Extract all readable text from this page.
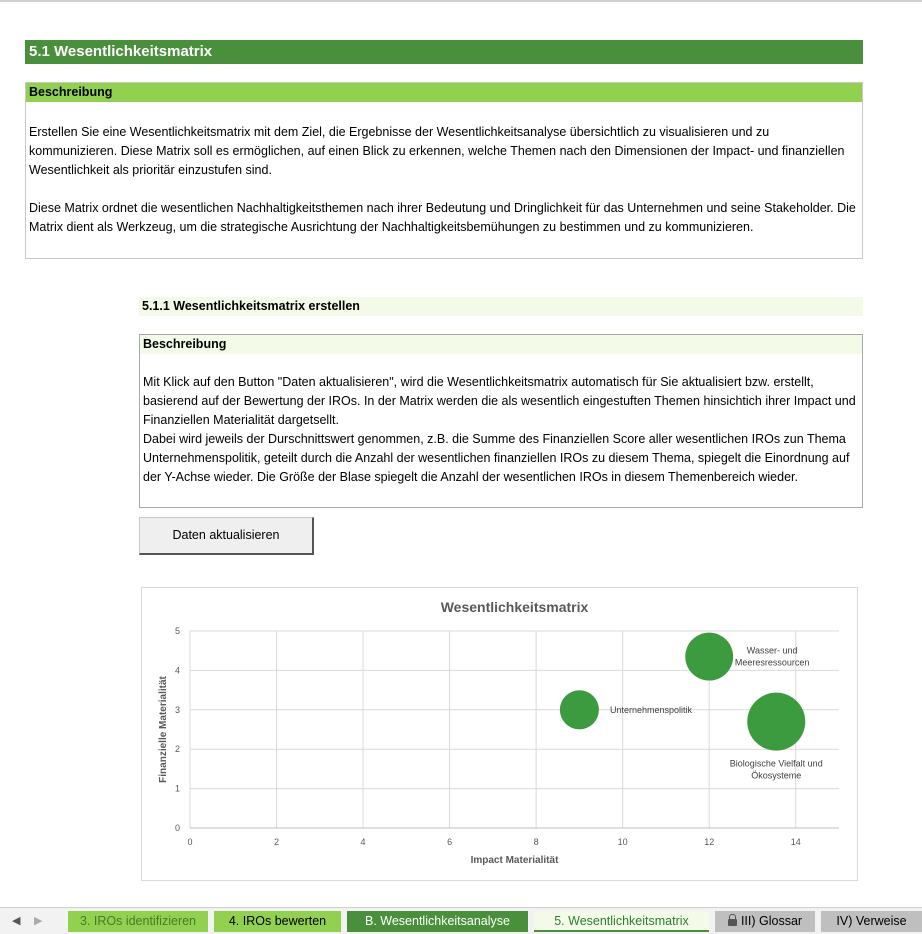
5.1 Wesentlichkeitsmatrix
Beschreibung
Erstellen Sie eine Wesentlichkeitsmatrix mit dem Ziel, die Ergebnisse der Wesentlichkeitsanalyse übersichtlich zu visualisieren und zu kommunizieren. Diese Matrix soll es ermöglichen, auf einen Blick zu erkennen, welche Themen nach den Dimensionen der Impact- und finanziellen Wesentlichkeit als prioritär einzustufen sind.
Diese Matrix ordnet die wesentlichen Nachhaltigkeitsthemen nach ihrer Bedeutung und Dringlichkeit für das Unternehmen und seine Stakeholder. Die Matrix dient als Werkzeug, um die strategische Ausrichtung der Nachhaltigkeitsbemühungen zu bestimmen und zu kommunizieren.
5.1.1 Wesentlichkeitsmatrix erstellen
Beschreibung
Mit Klick auf den Button "Daten aktualisieren", wird die Wesentlichkeitsmatrix automatisch für Sie aktualisiert bzw. erstellt, basierend auf der Bewertung der IROs. In der Matrix werden die als wesentlich eingestuften Themen hinsichtich ihrer Impact und Finanziellen Materialität dargetsellt.
Dabei wird jeweils der Durschnittswert genommen, z.B. die Summe des Finanziellen Score aller wesentlichen IROs zun Thema Unternehmenspolitik, geteilt durch die Anzahl der wesentlichen finanziellen IROs zu diesem Thema, spiegelt die Einordnung auf der Y-Achse wieder. Die Größe der Blase spiegelt die Anzahl der wesentlichen IROs in diesem Themenbereich wieder.
Daten aktualisieren
Wesentlichkeitsmatrix
0	2	4	6	8	10	12	14
0
1
2
3
4
5
Impact Materialität
Finanzielle Materialität	Unternehmenspolitik
Wasser- und
Meeresressourcen
Biologische Vielfalt und
Ökosysteme
◀ ▶	3. IROs identifizieren	4. IROs bewerten	B. Wesentlichkeitsanalyse	5. Wesentlichkeitsmatrix	III) Glossar	IV) Verweise
